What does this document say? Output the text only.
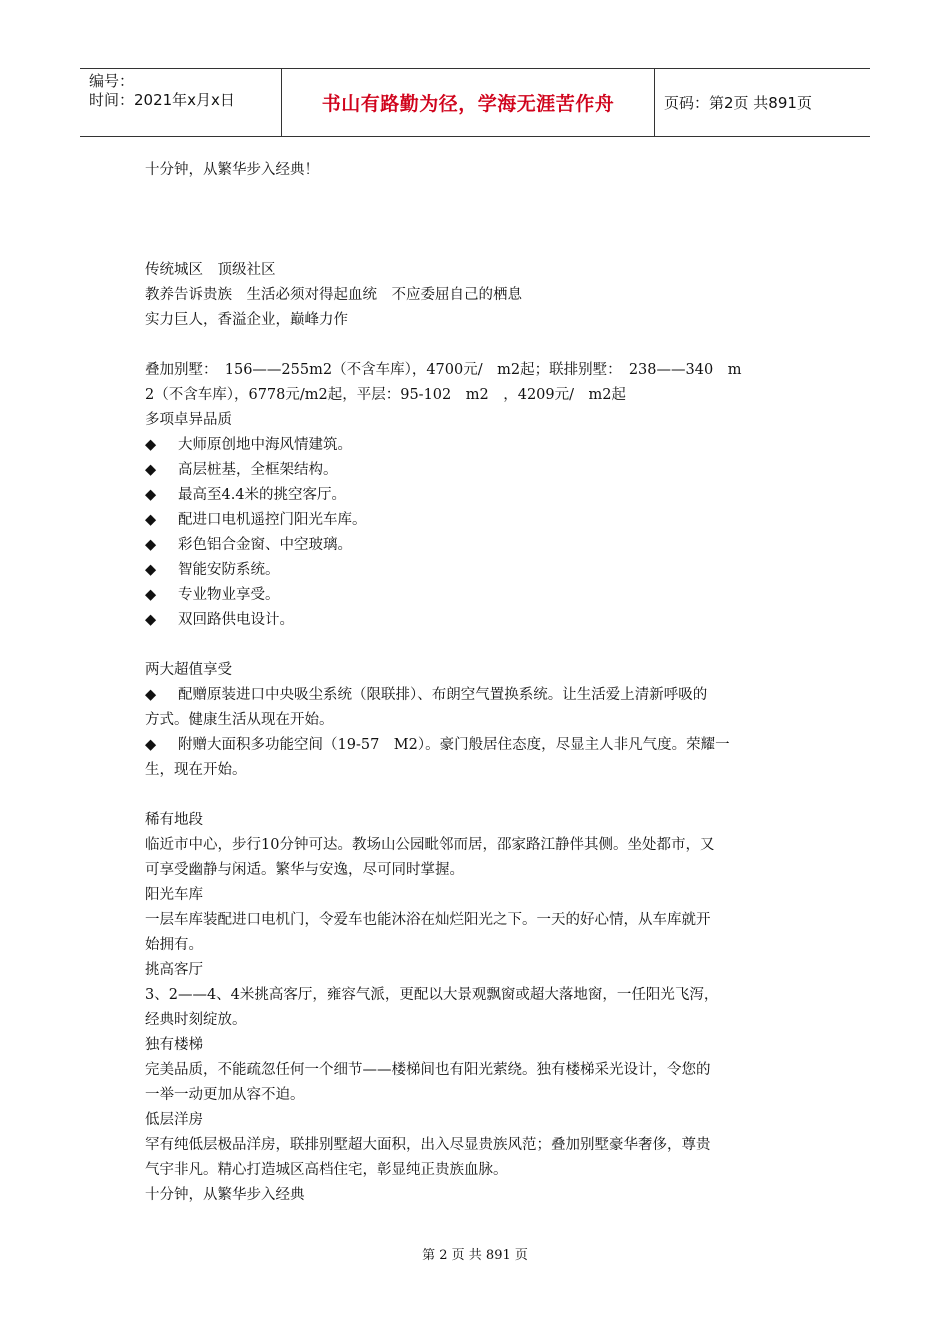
编号：
时间：2021年x月x日	书山有路勤为径，学海无涯苦作舟	页码：第2页 共891页
十分钟，从繁华步入经典！
传统城区　顶级社区
教养告诉贵族　生活必须对得起血统　不应委屈自己的栖息
实力巨人，香溢企业，巅峰力作
叠加别墅：　156——255m2（不含车库），4700元/　m2起；联排别墅：　238——340　m
2（不含车库），6778元/m2起，平层：95-102　m2　，4209元/　m2起
多项卓异品质
◆ 大师原创地中海风情建筑。
◆ 高层桩基，全框架结构。
◆ 最高至4.4米的挑空客厅。
◆ 配进口电机遥控门阳光车库。
◆ 彩色铝合金窗、中空玻璃。
◆ 智能安防系统。
◆ 专业物业享受。
◆ 双回路供电设计。
两大超值享受
◆ 配赠原装进口中央吸尘系统（限联排）、布朗空气置换系统。让生活爱上清新呼吸的
方式。健康生活从现在开始。
◆ 附赠大面积多功能空间（19-57　M2）。豪门般居住态度，尽显主人非凡气度。荣耀一
生，现在开始。
稀有地段
临近市中心，步行10分钟可达。教场山公园毗邻而居，邵家路江静伴其侧。坐处都市，又
可享受幽静与闲适。繁华与安逸，尽可同时掌握。
阳光车库
一层车库装配进口电机门，令爱车也能沐浴在灿烂阳光之下。一天的好心情，从车库就开
始拥有。
挑高客厅
3、2——4、4米挑高客厅，雍容气派，更配以大景观飘窗或超大落地窗，一任阳光飞泻，
经典时刻绽放。
独有楼梯
完美品质，不能疏忽任何一个细节——楼梯间也有阳光萦绕。独有楼梯采光设计，令您的
一举一动更加从容不迫。
低层洋房
罕有纯低层极品洋房，联排别墅超大面积，出入尽显贵族风范；叠加别墅豪华奢侈，尊贵
气宇非凡。精心打造城区高档住宅，彰显纯正贵族血脉。
十分钟，从繁华步入经典
第 2 页 共 891 页
